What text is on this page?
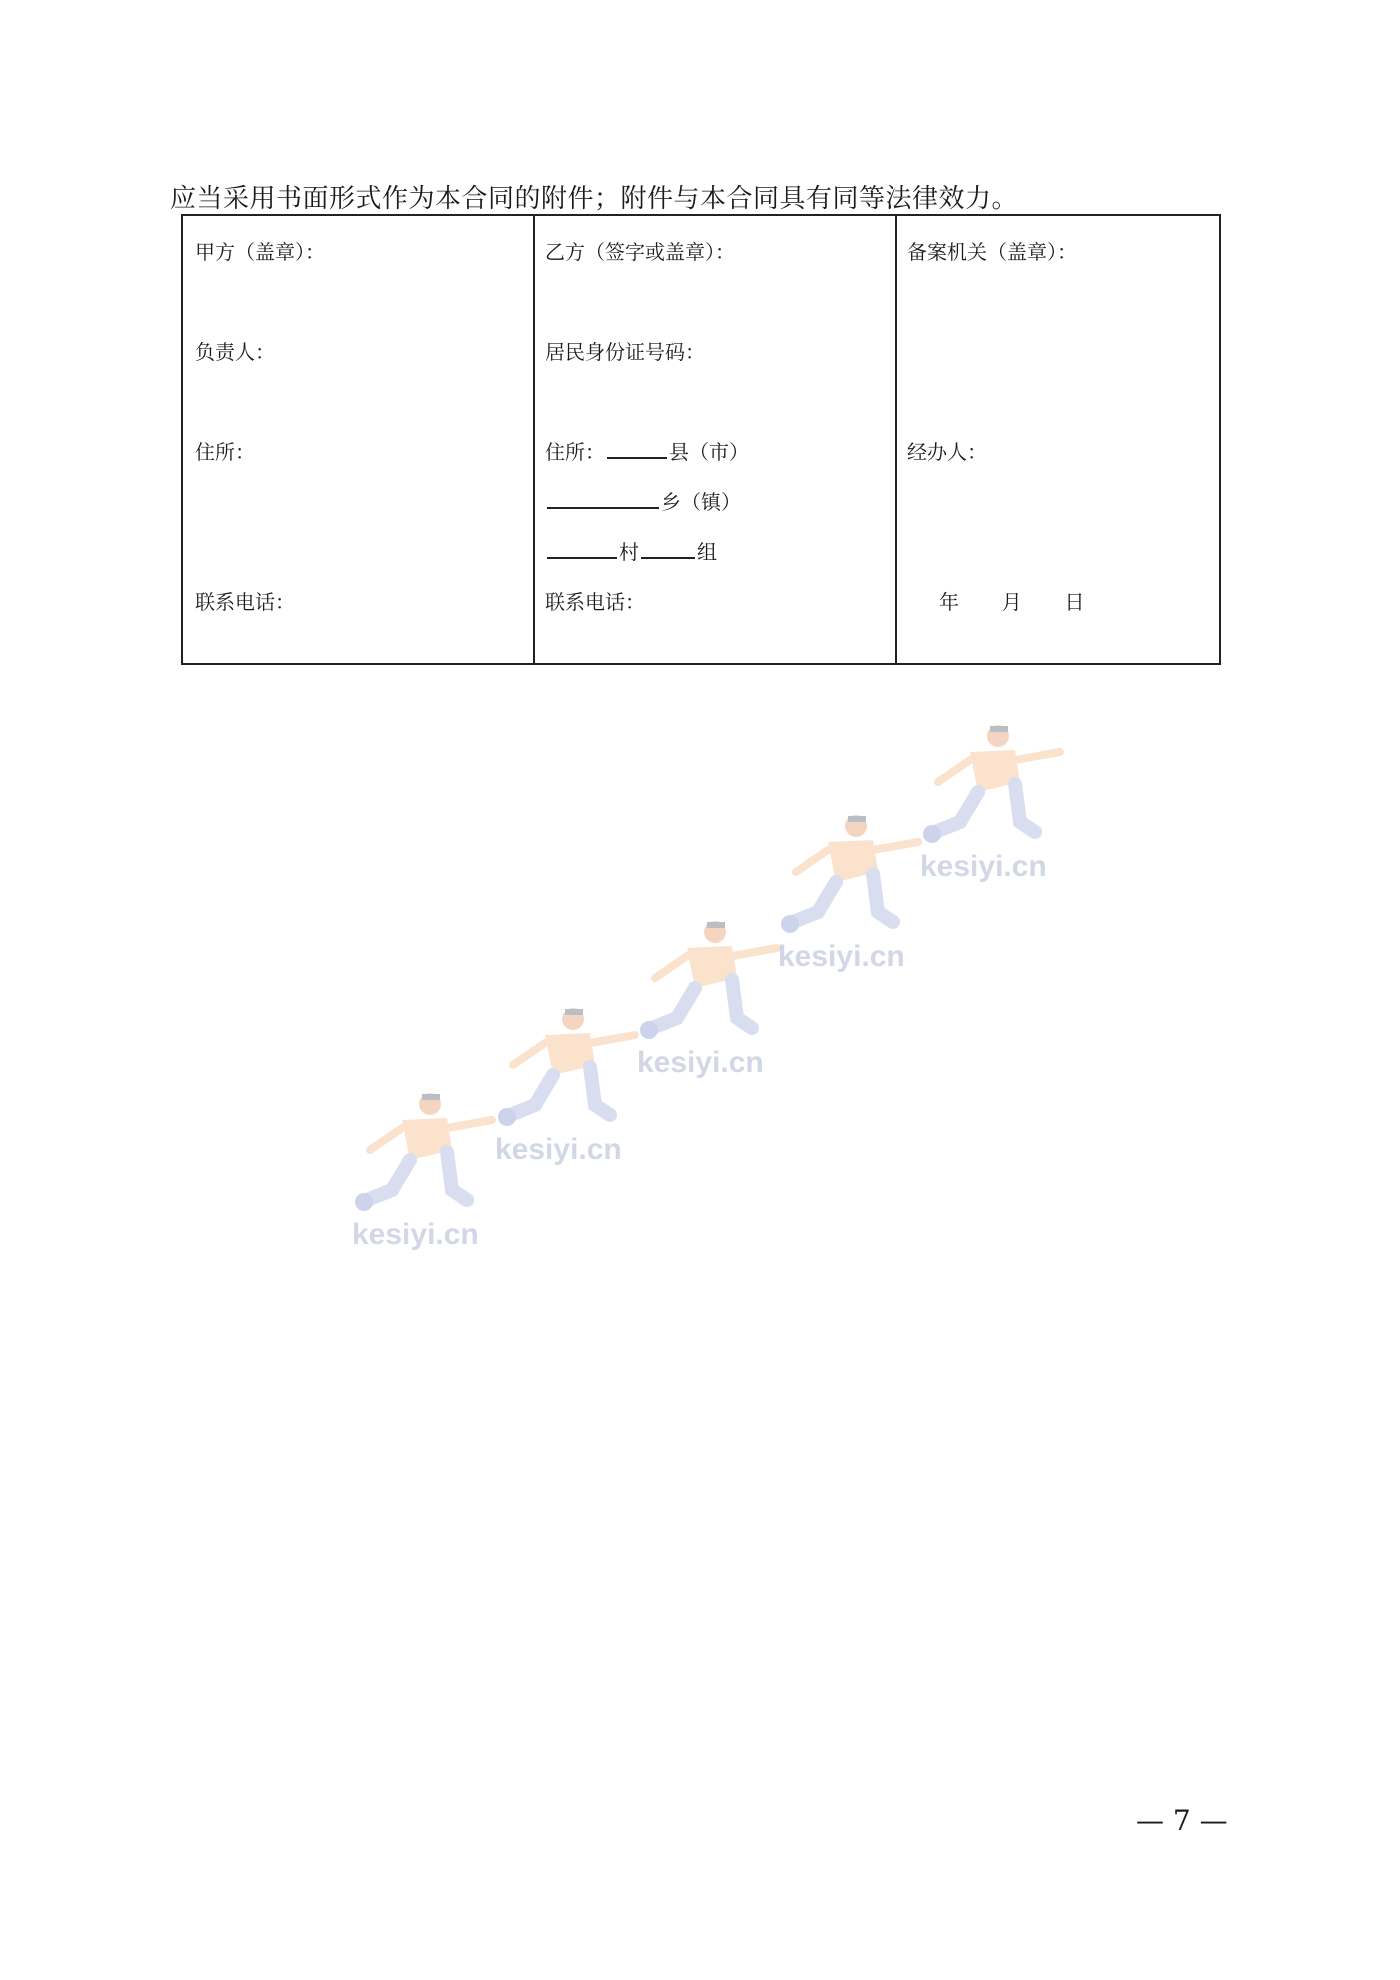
应当采用书面形式作为本合同的附件；附件与本合同具有同等法律效力。
甲方（盖章）：
负责人：
住所：
联系电话：
乙方（签字或盖章）：
居民身份证号码：
住所：	县（市）
乡（镇）
村	组
联系电话：
备案机关（盖章）：
经办人：
年 月 日
kesiyi.cn
kesiyi.cn
kesiyi.cn
kesiyi.cn
kesiyi.cn
— 7 —
